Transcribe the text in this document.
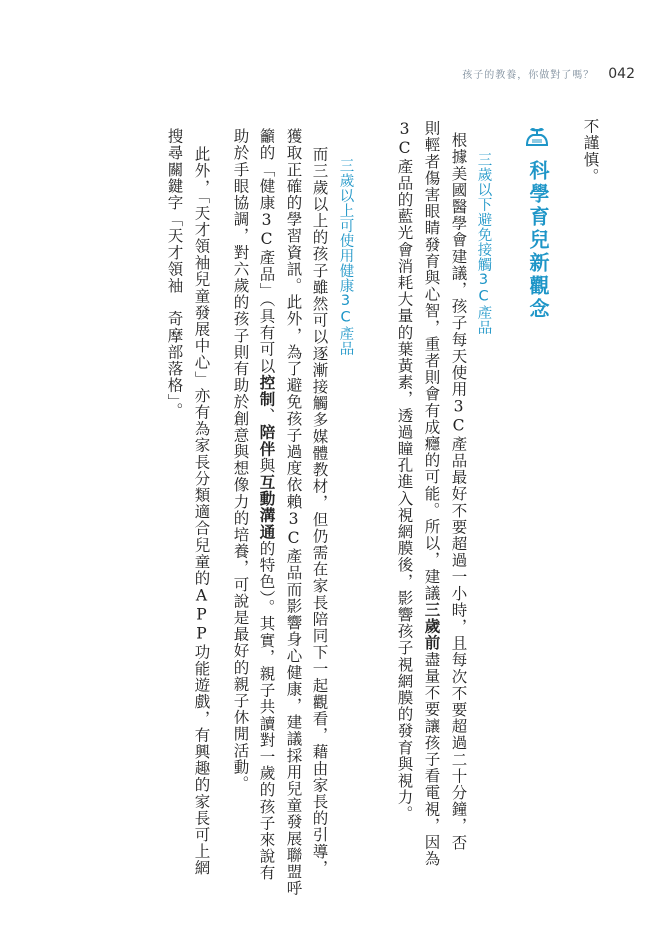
孩子的教養，你做對了嗎？ 042
不謹慎。
科學育兒新觀念
三歲以下避免接觸3C產品
根據美國醫學會建議，孩子每天使用3C產品最好不要超過一小時，且每次不要超過二十分鐘，否
則輕者傷害眼睛發育與心智，重者則會有成癮的可能。所以，建議三歲前盡量不要讓孩子看電視，因為
3C產品的藍光會消耗大量的葉黃素，透過瞳孔進入視網膜後，影響孩子視網膜的發育與視力。
三歲以上可使用健康3C產品
而三歲以上的孩子雖然可以逐漸接觸多媒體教材，但仍需在家長陪同下一起觀看，藉由家長的引導，
獲取正確的學習資訊。此外，為了避免孩子過度依賴3C產品而影響身心健康，建議採用兒童發展聯盟呼
籲的「健康3C產品」（具有可以控制、陪伴與互動溝通的特色）。其實，親子共讀對一歲的孩子來說有
助於手眼協調，對六歲的孩子則有助於創意與想像力的培養，可說是最好的親子休閒活動。
此外，「天才領袖兒童發展中心」亦有為家長分類適合兒童的APP功能遊戲，有興趣的家長可上網
搜尋關鍵字「天才領袖　奇摩部落格」。
